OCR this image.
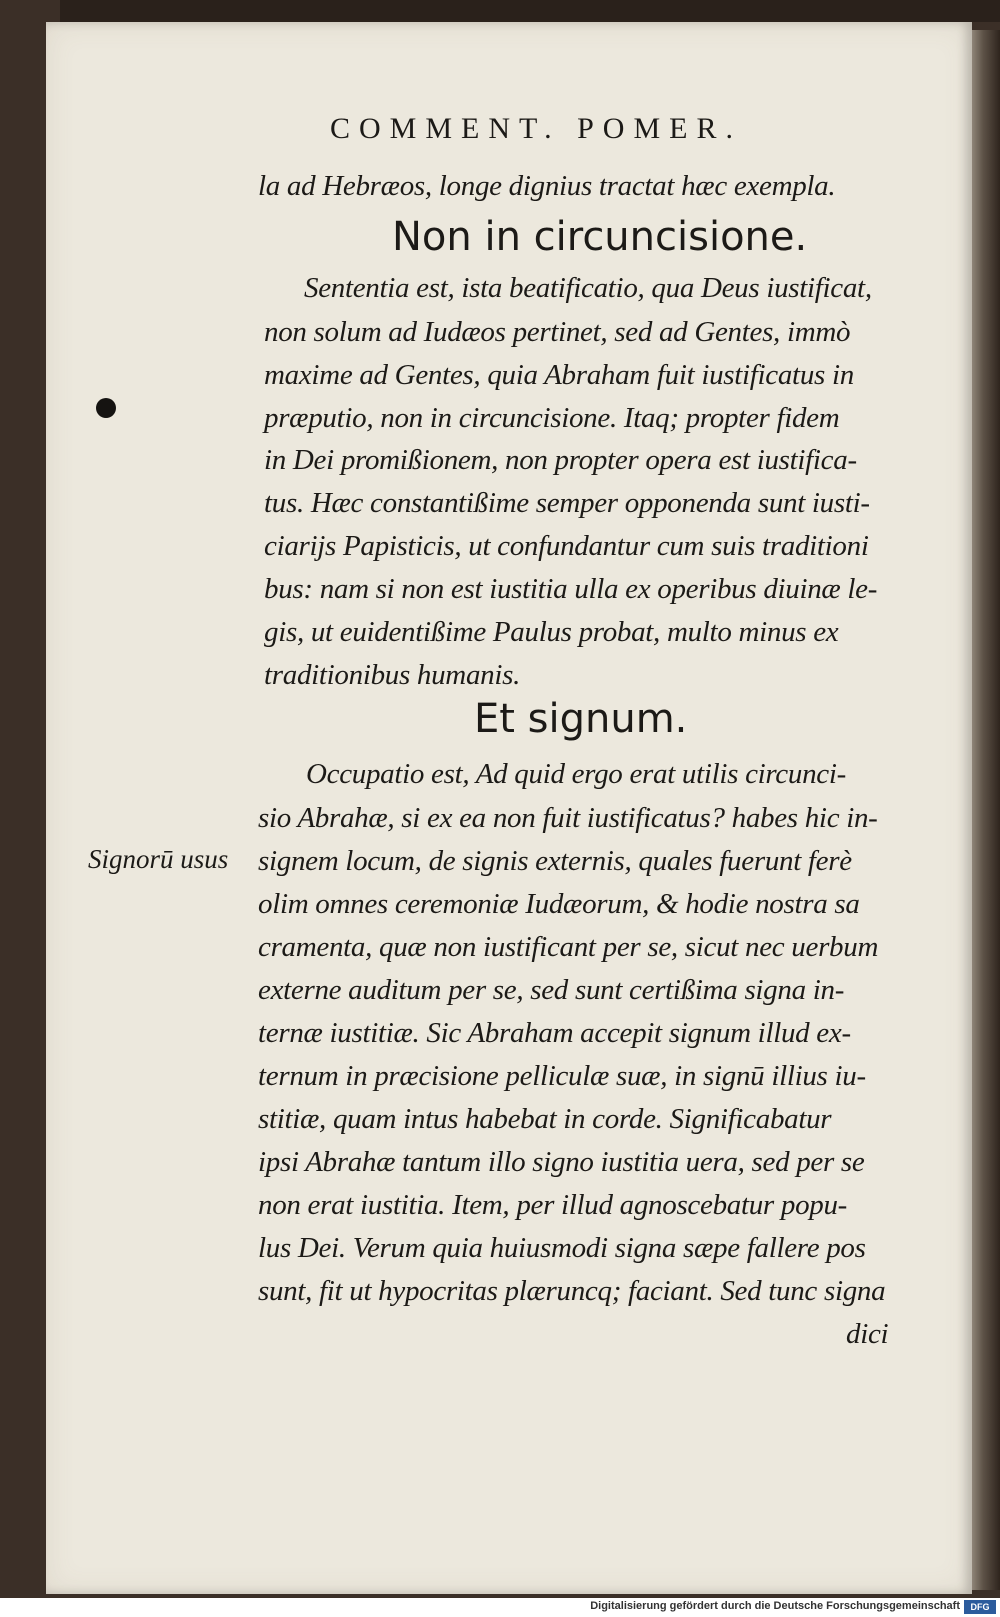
COMMENT. POMER.
la ad Hebræos, longe dignius tractat hæc exempla.
Non in circuncisione.
Sententia est, ista beatificatio, qua Deus iustificat,
non solum ad Iudæos pertinet, sed ad Gentes, immò
maxime ad Gentes, quia Abraham fuit iustificatus in
præputio, non in circuncisione. Itaq; propter fidem
in Dei promißionem, non propter opera est iustifica-
tus. Hæc constantißime semper opponenda sunt iusti-
ciarijs Papisticis, ut confundantur cum suis traditioni
bus: nam si non est iustitia ulla ex operibus diuinæ le-
gis, ut euidentißime Paulus probat, multo minus ex
traditionibus humanis.
Et signum.
Occupatio est, Ad quid ergo erat utilis circunci-
sio Abrahæ, si ex ea non fuit iustificatus? habes hic in-
Signorū usus signem locum, de signis externis, quales fuerunt ferè
olim omnes ceremoniæ Iudæorum, & hodie nostra sa
cramenta, quæ non iustificant per se, sicut nec uerbum
externe auditum per se, sed sunt certißima signa in-
ternæ iustitiæ. Sic Abraham accepit signum illud ex-
ternum in præcisione pelliculæ suæ, in signū illius iu-
stitiæ, quam intus habebat in corde. Significabatur
ipsi Abrahæ tantum illo signo iustitia uera, sed per se
non erat iustitia. Item, per illud agnoscebatur popu-
lus Dei. Verum quia huiusmodi signa sæpe fallere pos
sunt, fit ut hypocritas plæruncq; faciant. Sed tunc signa
dici
Digitalisierung gefördert durch die Deutsche Forschungsgemeinschaft	DFG
